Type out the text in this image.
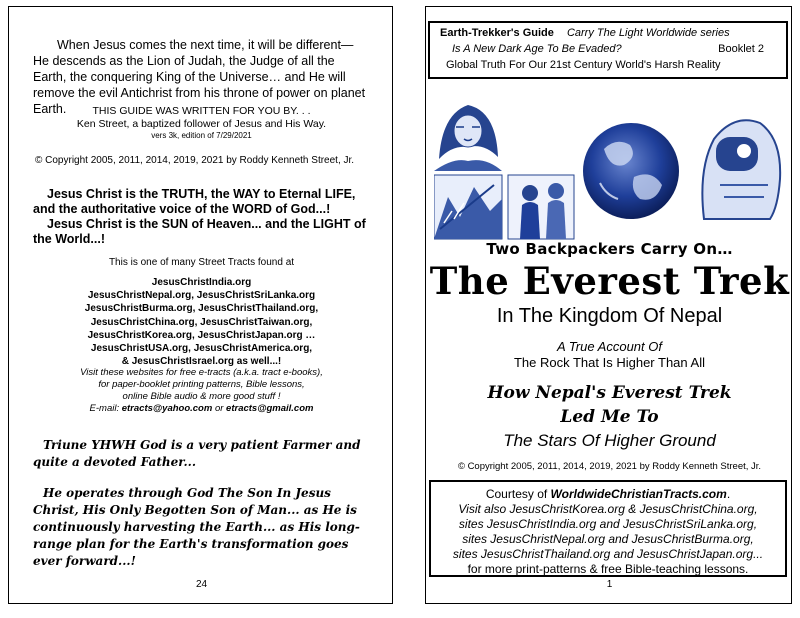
When Jesus comes the next time, it will be different— He descends as the Lion of Judah, the Judge of all the Earth, the conquering King of the Universe… and He will remove the evil Antichrist from his throne of power on planet Earth.	THIS GUIDE WAS WRITTEN FOR YOU BY. . .
Ken Street, a baptized follower of Jesus and His Way.
vers 3k, edition of 7/29/2021
© Copyright 2005, 2011, 2014, 2019, 2021 by Roddy Kenneth Street, Jr.
Jesus Christ is the TRUTH, the WAY to Eternal LIFE, and the authoritative voice of the WORD of God...!
Jesus Christ is the SUN of Heaven... and the LIGHT of the World...!
This is one of many Street Tracts found at
JesusChristIndia.org
JesusChristNepal.org, JesusChristSriLanka.org
JesusChristBurma.org, JesusChristThailand.org,
JesusChristChina.org, JesusChristTaiwan.org,
JesusChristKorea.org, JesusChristJapan.org …
JesusChristUSA.org, JesusChristAmerica.org,
& JesusChristIsrael.org as well...!
Visit these websites for free e-tracts (a.k.a. tract e-books),
for paper-booklet printing patterns, Bible lessons,
online Bible audio & more good stuff !
E-mail: etracts@yahoo.com or etracts@gmail.com
Triune YHWH God is a very patient Farmer and quite a devoted Father...
He operates through God The Son In Jesus Christ, His Only Begotten Son of Man... as He is continuously harvesting the Earth... as His long-range plan for the Earth's transformation goes ever forward...!
24
Earth-Trekker's Guide Carry The Light Worldwide series
Is A New Dark Age To Be Evaded?	Booklet 2
Global Truth For Our 21st Century World's Harsh Reality
Two Backpackers Carry On…
The Everest Trek
In The Kingdom Of Nepal
A True Account Of
The Rock That Is Higher Than All
How Nepal's Everest Trek
Led Me To
The Stars Of Higher Ground
© Copyright 2005, 2011, 2014, 2019, 2021 by Roddy Kenneth Street, Jr.
Courtesy of WorldwideChristianTracts.com.
Visit also JesusChristKorea.org & JesusChristChina.org,
sites JesusChristIndia.org and JesusChristSriLanka.org,
sites JesusChristNepal.org and JesusChristBurma.org,
sites JesusChristThailand.org and JesusChristJapan.org...
for more print-patterns & free Bible-teaching lessons.
1
